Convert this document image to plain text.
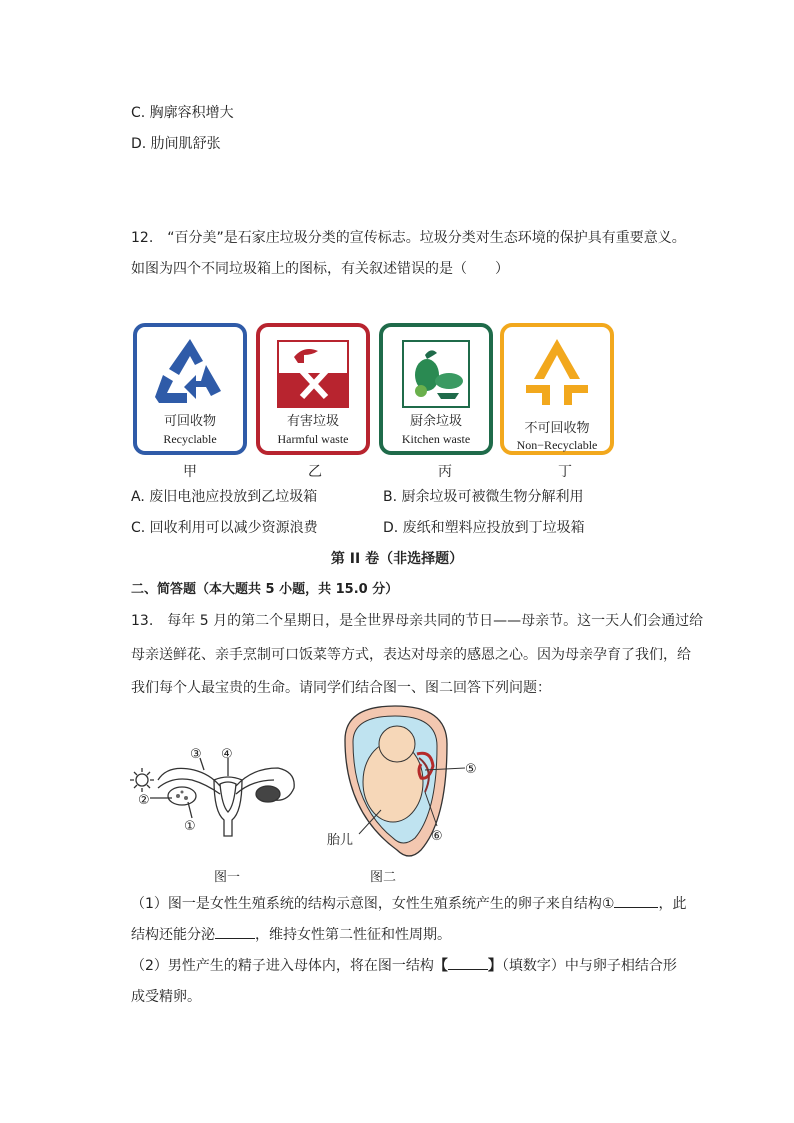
C. 胸廓容积增大
D. 肋间肌舒张
12.　“百分美”是石家庄垃圾分类的宣传标志。垃圾分类对生态环境的保护具有重要意义。
如图为四个不同垃圾箱上的图标，有关叙述错误的是（　　）
可回收物
Recyclable
有害垃圾
Harmful waste
厨余垃圾
Kitchen waste
不可回收物
Non−Recyclable
甲	乙	丙	丁
A. 废旧电池应投放到乙垃圾箱	B. 厨余垃圾可被微生物分解利用
C. 回收利用可以减少资源浪费	D. 废纸和塑料应投放到丁垃圾箱
第 II 卷（非选择题）
二、简答题（本大题共 5 小题，共 15.0 分）
13.　每年 5 月的第二个星期日，是全世界母亲共同的节日——母亲节。这一天人们会通过给
母亲送鲜花、亲手烹制可口饭菜等方式，表达对母亲的感恩之心。因为母亲孕育了我们，给
我们每个人最宝贵的生命。请同学们结合图一、图二回答下列问题：
③ ④
②
①
图一
⑤
⑥
胎儿
图二
（1）图一是女性生殖系统的结构示意图，女性生殖系统产生的卵子来自结构①	，此
结构还能分泌	，维持女性第二性征和性周期。
（2）男性产生的精子进入母体内，将在图一结构【	】（填数字）中与卵子相结合形
成受精卵。
